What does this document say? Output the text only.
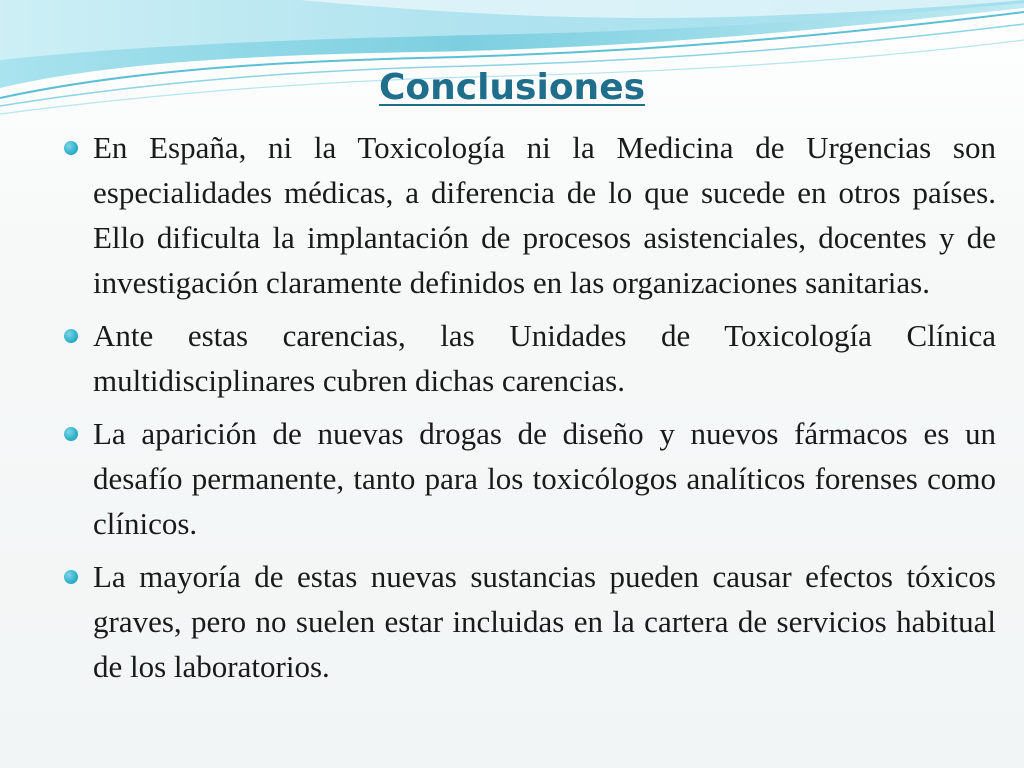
Conclusiones
En España, ni la Toxicología ni la Medicina de Urgencias son especialidades médicas, a diferencia de lo que sucede en otros países. Ello dificulta la implantación de procesos asistenciales, docentes y de investigación claramente definidos en las organizaciones sanitarias.
Ante estas carencias, las Unidades de Toxicología Clínica multidisciplinares cubren dichas carencias.
La aparición de nuevas drogas de diseño y nuevos fármacos es un desafío permanente, tanto para los toxicólogos analíticos forenses como clínicos.
La mayoría de estas nuevas sustancias pueden causar efectos tóxicos graves, pero no suelen estar incluidas en la cartera de servicios habitual de los laboratorios.
